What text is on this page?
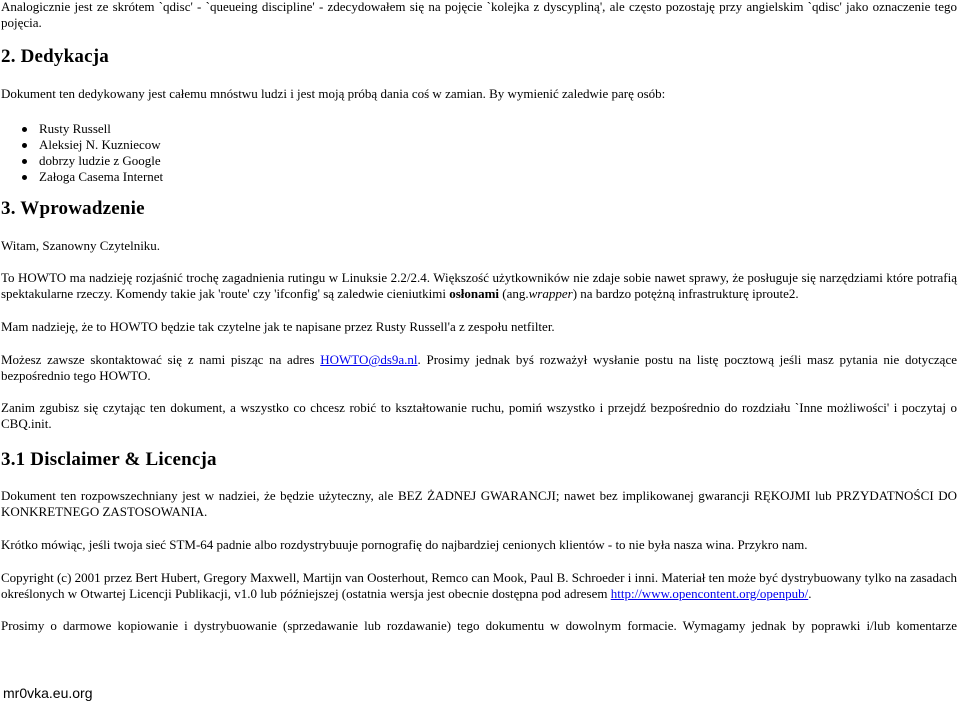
Analogicznie jest ze skrótem `qdisc' - `queueing discipline' - zdecydowałem się na pojęcie `kolejka z dyscypliną', ale często pozostaję przy angielskim `qdisc' jako oznaczenie tego pojęcia.

2. Dedykacja

Dokument ten dedykowany jest całemu mnóstwu ludzi i jest moją próbą dania coś w zamian. By wymienić zaledwie parę osób:

Rusty Russell
Aleksiej N. Kuzniecow
dobrzy ludzie z Google
Załoga Casema Internet
3. Wprowadzenie

Witam, Szanowny Czytelniku.

To HOWTO ma nadzieję rozjaśnić trochę zagadnienia rutingu w Linuksie 2.2/2.4. Większość użytkowników nie zdaje sobie nawet sprawy, że posługuje się narzędziami które potrafią spektakularne rzeczy. Komendy takie jak 'route' czy 'ifconfig' są zaledwie cieniutkimi osłonami (ang.wrapper) na bardzo potężną infrastrukturę iproute2.

Mam nadzieję, że to HOWTO będzie tak czytelne jak te napisane przez Rusty Russell'a z zespołu netfilter.

Możesz zawsze skontaktować się z nami pisząc na adres HOWTO@ds9a.nl. Prosimy jednak byś rozważył wysłanie postu na listę pocztową jeśli masz pytania nie dotyczące bezpośrednio tego HOWTO.

Zanim zgubisz się czytając ten dokument, a wszystko co chcesz robić to kształtowanie ruchu, pomiń wszystko i przejdź bezpośrednio do rozdziału `Inne możliwości' i poczytaj o CBQ.init.

3.1 Disclaimer & Licencja

Dokument ten rozpowszechniany jest w nadziei, że będzie użyteczny, ale BEZ ŻADNEJ GWARANCJI; nawet bez implikowanej gwarancji RĘKOJMI lub PRZYDATNOŚCI DO KONKRETNEGO ZASTOSOWANIA.

Krótko mówiąc, jeśli twoja sieć STM-64 padnie albo rozdystrybuuje pornografię do najbardziej cenionych klientów - to nie była nasza wina. Przykro nam.

Copyright (c) 2001 przez Bert Hubert, Gregory Maxwell, Martijn van Oosterhout, Remco can Mook, Paul B. Schroeder i inni. Materiał ten może być dystrybuowany tylko na zasadach określonych w Otwartej Licencji Publikacji, v1.0 lub późniejszej (ostatnia wersja jest obecnie dostępna pod adresem http://www.opencontent.org/openpub/.

Prosimy o darmowe kopiowanie i dystrybuowanie (sprzedawanie lub rozdawanie) tego dokumentu w dowolnym formacie. Wymagamy jednak by poprawki i/lub komentarze

mr0vka.eu.org
